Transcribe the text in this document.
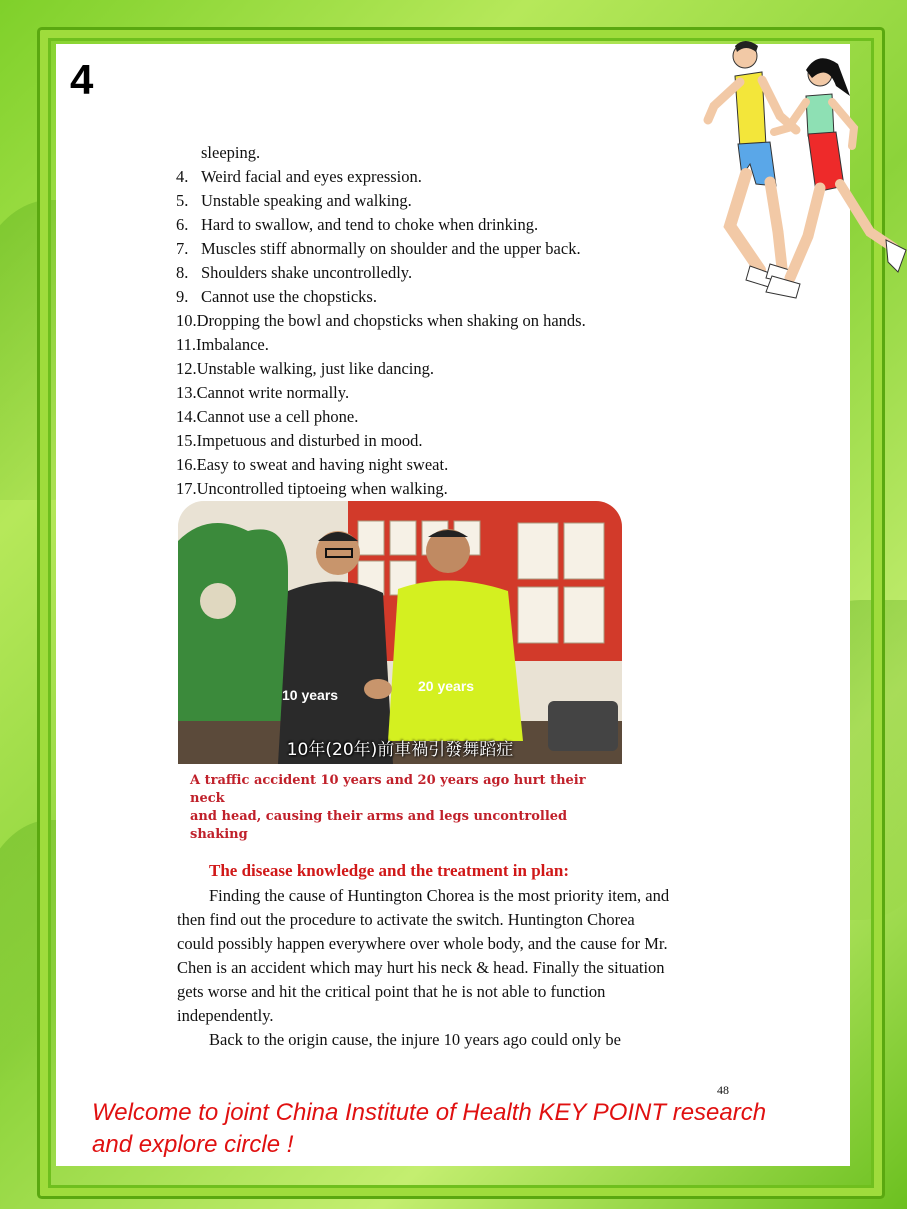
4
sleeping.
4. Weird facial and eyes expression.
5. Unstable speaking and walking.
6. Hard to swallow, and tend to choke when drinking.
7. Muscles stiff abnormally on shoulder and the upper back.
8. Shoulders shake uncontrolledly.
9. Cannot use the chopsticks.
10.Dropping the bowl and chopsticks when shaking on hands.
11.Imbalance.
12.Unstable walking, just like dancing.
13.Cannot write normally.
14.Cannot use a cell phone.
15.Impetuous and disturbed in mood.
16.Easy to sweat and having night sweat.
17.Uncontrolled tiptoeing when walking.
10 years
20 years
10年(20年)前車禍引發舞蹈症
A traffic accident 10 years and 20 years ago hurt their neck
and head, causing their arms and legs uncontrolled shaking
The disease knowledge and the treatment in plan:
Finding the cause of Huntington Chorea is the most priority item, and
then find out the procedure to activate the switch. Huntington Chorea
could possibly happen everywhere over whole body, and the cause for Mr.
Chen is an accident which may hurt his neck & head. Finally the situation
gets worse and hit the critical point that he is not able to function
independently.
Back to the origin cause, the injure 10 years ago could only be
48
Welcome to joint China Institute of Health KEY POINT research
and explore circle !
